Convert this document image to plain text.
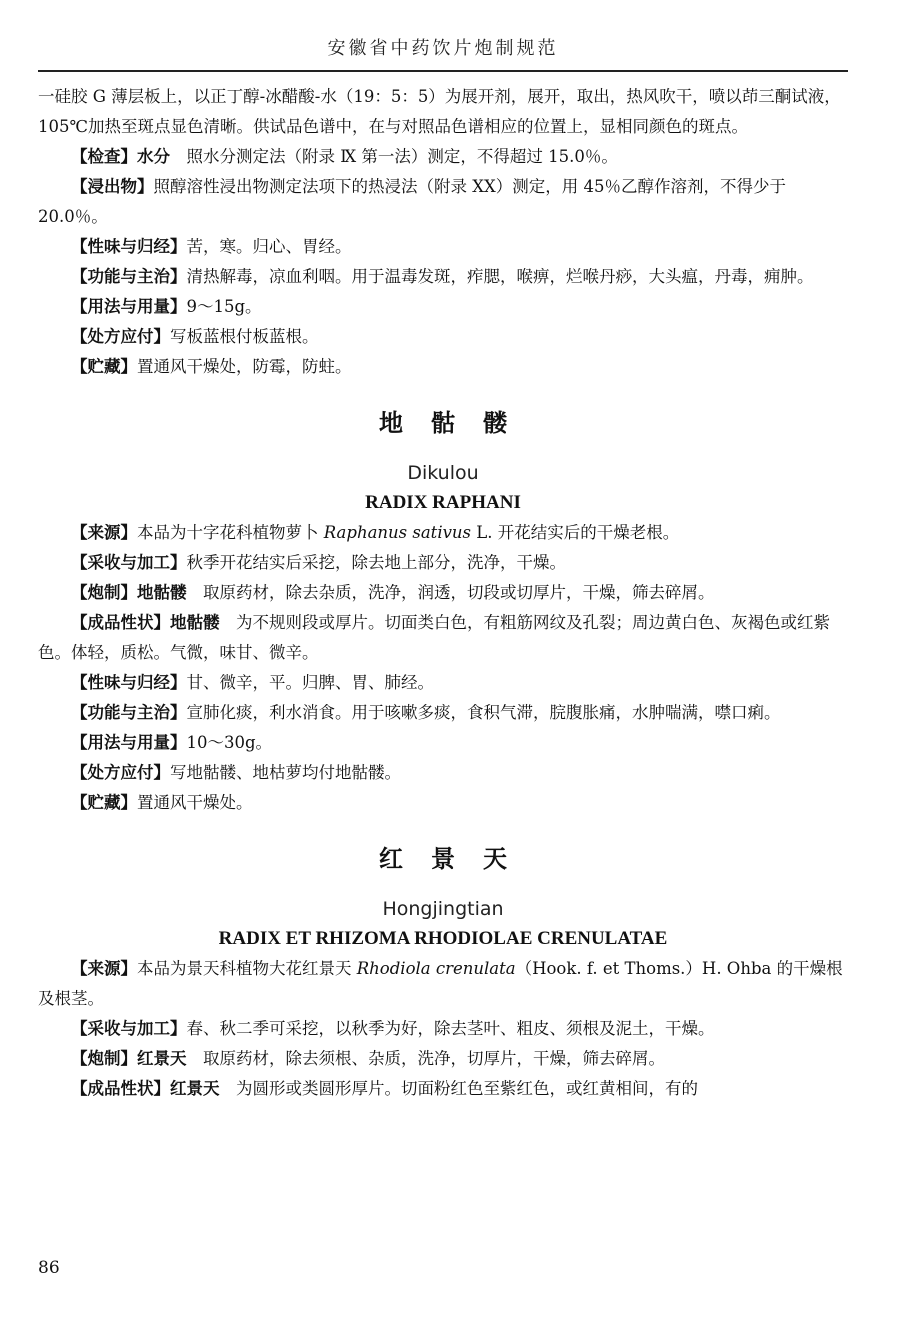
安徽省中药饮片炮制规范

一硅胶 G 薄层板上，以正丁醇-冰醋酸-水（19：5：5）为展开剂，展开，取出，热风吹干，喷以茚三酮试液，105℃加热至斑点显色清晰。供试品色谱中，在与对照品色谱相应的位置上，显相同颜色的斑点。

【检查】水分　照水分测定法（附录 Ⅸ 第一法）测定，不得超过 15.0％。

【浸出物】照醇溶性浸出物测定法项下的热浸法（附录 ⅩⅩ）测定，用 45％乙醇作溶剂，不得少于 20.0％。

【性味与归经】苦，寒。归心、胃经。

【功能与主治】清热解毒，凉血利咽。用于温毒发斑，痄腮，喉痹，烂喉丹痧，大头瘟，丹毒，痈肿。

【用法与用量】9～15g。

【处方应付】写板蓝根付板蓝根。

【贮藏】置通风干燥处，防霉，防蛀。

地骷髅
Dikulou
RADIX RAPHANI

【来源】本品为十字花科植物萝卜 Raphanus sativus L. 开花结实后的干燥老根。

【采收与加工】秋季开花结实后采挖，除去地上部分，洗净，干燥。

【炮制】地骷髅　取原药材，除去杂质，洗净，润透，切段或切厚片，干燥，筛去碎屑。

【成品性状】地骷髅　为不规则段或厚片。切面类白色，有粗筋网纹及孔裂；周边黄白色、灰褐色或红紫色。体轻，质松。气微，味甘、微辛。

【性味与归经】甘、微辛，平。归脾、胃、肺经。

【功能与主治】宣肺化痰，利水消食。用于咳嗽多痰，食积气滞，脘腹胀痛，水肿喘满，噤口痢。

【用法与用量】10～30g。

【处方应付】写地骷髅、地枯萝均付地骷髅。

【贮藏】置通风干燥处。

红景天
Hongjingtian
RADIX ET RHIZOMA RHODIOLAE CRENULATAE

【来源】本品为景天科植物大花红景天 Rhodiola crenulata（Hook. f. et Thoms.）H. Ohba 的干燥根及根茎。

【采收与加工】春、秋二季可采挖，以秋季为好，除去茎叶、粗皮、须根及泥土，干燥。

【炮制】红景天　取原药材，除去须根、杂质，洗净，切厚片，干燥，筛去碎屑。

【成品性状】红景天　为圆形或类圆形厚片。切面粉红色至紫红色，或红黄相间，有的

86
